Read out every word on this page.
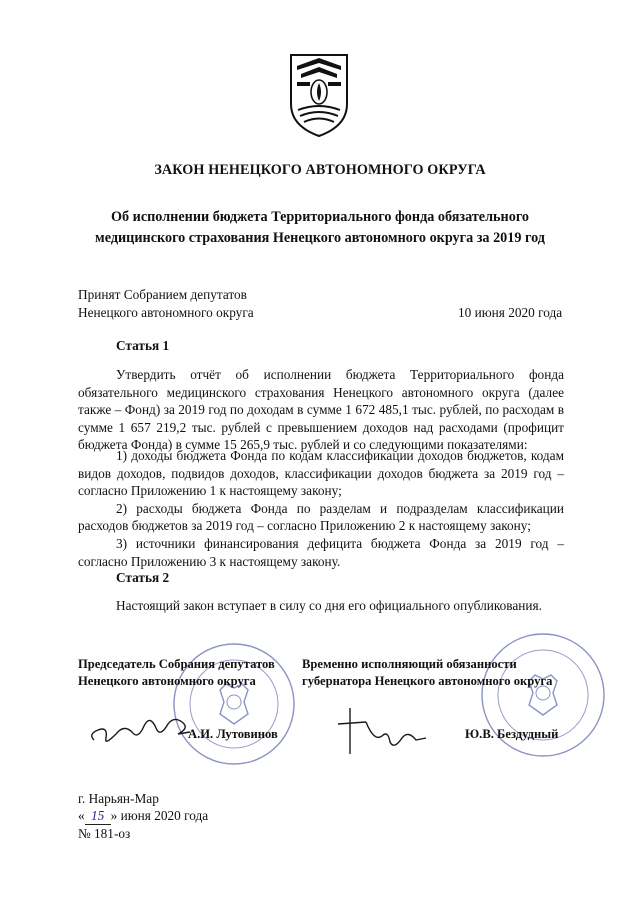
ЗАКОН НЕНЕЦКОГО АВТОНОМНОГО ОКРУГА
Об исполнении бюджета Территориального фонда обязательного
медицинского страхования Ненецкого автономного округа за 2019 год
Принят Собранием депутатов
Ненецкого автономного округа	10 июня 2020 года
Статья 1

Утвердить отчёт об исполнении бюджета Территориального фонда обязательного медицинского страхования Ненецкого автономного округа (далее также – Фонд) за 2019 год по доходам в сумме 1 672 485,1 тыс. рублей, по расходам в сумме 1 657 219,2 тыс. рублей с превышением доходов над расходами (профицит бюджета Фонда) в сумме 15 265,9 тыс. рублей и со следующими показателями:

1) доходы бюджета Фонда по кодам классификации доходов бюджетов, кодам видов доходов, подвидов доходов, классификации доходов бюджета за 2019 год – согласно Приложению 1 к настоящему закону;

2) расходы бюджета Фонда по разделам и подразделам классификации расходов бюджетов за 2019 год – согласно Приложению 2 к настоящему закону;

3) источники финансирования дефицита бюджета Фонда за 2019 год – согласно Приложению 3 к настоящему закону.

Статья 2

Настоящий закон вступает в силу со дня его официального опубликования.

Председатель Собрания депутатов
Ненецкого автономного округа
Временно исполняющий обязанности
губернатора Ненецкого автономного округа
А.И. Лутовинов	Ю.В. Бездудный
г. Нарьян-Мар
« 15 » июня 2020 года
№ 181-оз
